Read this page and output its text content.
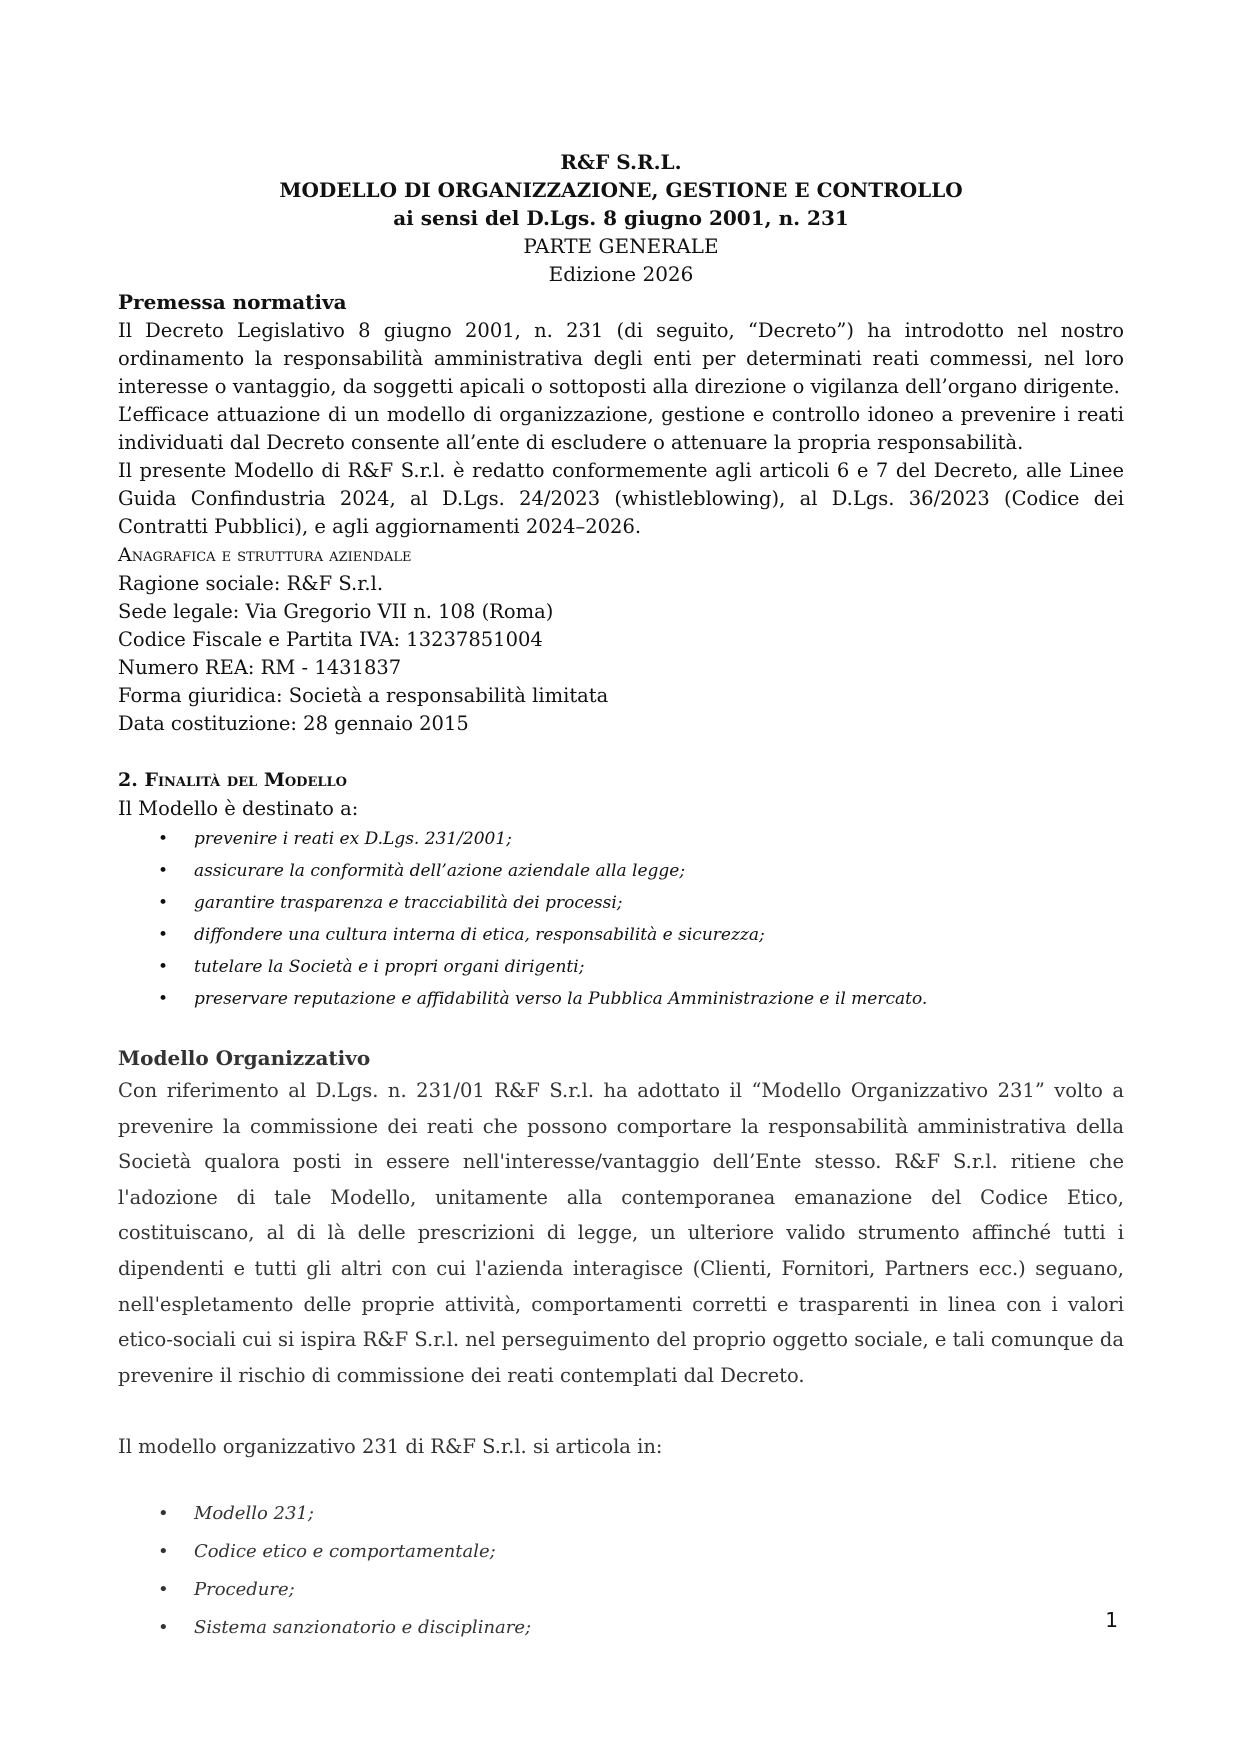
R&F S.R.L.
MODELLO DI ORGANIZZAZIONE, GESTIONE E CONTROLLO
ai sensi del D.Lgs. 8 giugno 2001, n. 231
PARTE GENERALE
Edizione 2026
Premessa normativa

Il Decreto Legislativo 8 giugno 2001, n. 231 (di seguito, “Decreto”) ha introdotto nel nostro ordinamento la responsabilità amministrativa degli enti per determinati reati commessi, nel loro interesse o vantaggio, da soggetti apicali o sottoposti alla direzione o vigilanza dell’organo dirigente.

L’efficace attuazione di un modello di organizzazione, gestione e controllo idoneo a prevenire i reati individuati dal Decreto consente all’ente di escludere o attenuare la propria responsabilità.

Il presente Modello di R&F S.r.l. è redatto conformemente agli articoli 6 e 7 del Decreto, alle Linee Guida Confindustria 2024, al D.Lgs. 24/2023 (whistleblowing), al D.Lgs. 36/2023 (Codice dei Contratti Pubblici), e agli aggiornamenti 2024–2026.

Anagrafica e struttura aziendale
Ragione sociale: R&F S.r.l.
Sede legale: Via Gregorio VII n. 108 (Roma)
Codice Fiscale e Partita IVA: 13237851004
Numero REA: RM - 1431837
Forma giuridica: Società a responsabilità limitata
Data costituzione: 28 gennaio 2015
2. Finalità del Modello
Il Modello è destinato a:
• prevenire i reati ex D.Lgs. 231/2001;
• assicurare la conformità dell’azione aziendale alla legge;
• garantire trasparenza e tracciabilità dei processi;
• diffondere una cultura interna di etica, responsabilità e sicurezza;
• tutelare la Società e i propri organi dirigenti;
• preservare reputazione e affidabilità verso la Pubblica Amministrazione e il mercato.
Modello Organizzativo

Con riferimento al D.Lgs. n. 231/01 R&F S.r.l. ha adottato il “Modello Organizzativo 231” volto a prevenire la commissione dei reati che possono comportare la responsabilità amministrativa della Società qualora posti in essere nell'interesse/vantaggio dell’Ente stesso. R&F S.r.l. ritiene che l'adozione di tale Modello, unitamente alla contemporanea emanazione del Codice Etico, costituiscano, al di là delle prescrizioni di legge, un ulteriore valido strumento affinché tutti i dipendenti e tutti gli altri con cui l'azienda interagisce (Clienti, Fornitori, Partners ecc.) seguano, nell'espletamento delle proprie attività, comportamenti corretti e trasparenti in linea con i valori etico-sociali cui si ispira R&F S.r.l. nel perseguimento del proprio oggetto sociale, e tali comunque da prevenire il rischio di commissione dei reati contemplati dal Decreto.

Il modello organizzativo 231 di R&F S.r.l. si articola in:

• Modello 231;
• Codice etico e comportamentale;
• Procedure;
• Sistema sanzionatorio e disciplinare;	1
